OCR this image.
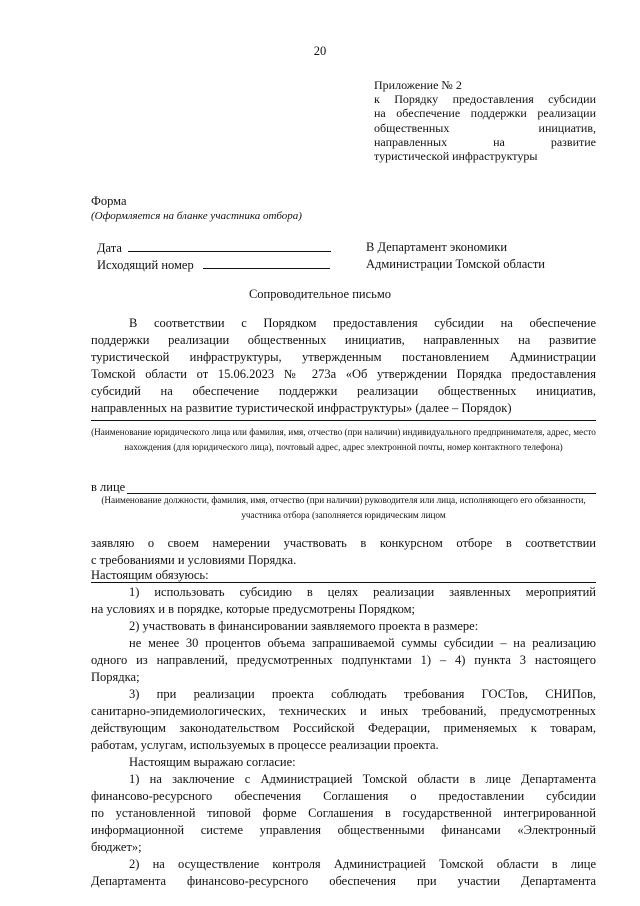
20
Приложение № 2
к Порядку предоставления субсидии
на обеспечение поддержки реализации
общественных инициатив,
направленных на развитие
туристической инфраструктуры
Форма
(Оформляется на бланке участника отбора)
Дата
Исходящий номер
В Департамент экономики
Администрации Томской области
Сопроводительное письмо
В соответствии с Порядком предоставления субсидии на обеспечение
поддержки реализации общественных инициатив, направленных на развитие
туристической инфраструктуры, утвержденным постановлением Администрации
Томской области от 15.06.2023 № 273а «Об утверждении Порядка предоставления
субсидий на обеспечение поддержки реализации общественных инициатив,
направленных на развитие туристической инфраструктуры» (далее – Порядок)
(Наименование юридического лица или фамилия, имя, отчество (при наличии) индивидуального предпринимателя, адрес, место нахождения (для юридического лица), почтовый адрес, адрес электронной почты, номер контактного телефона)
в лице
(Наименование должности, фамилия, имя, отчество (при наличии) руководителя или лица, исполняющего его обязанности, участника отбора (заполняется юридическим лицом
заявляю о своем намерении участвовать в конкурсном отборе в соответствии
с требованиями и условиями Порядка.
Настоящим обязуюсь:
1) использовать субсидию в целях реализации заявленных мероприятий
на условиях и в порядке, которые предусмотрены Порядком;
2) участвовать в финансировании заявляемого проекта в размере:
не менее 30 процентов объема запрашиваемой суммы субсидии – на реализацию
одного из направлений, предусмотренных подпунктами 1) – 4) пункта 3 настоящего
Порядка;
3) при реализации проекта соблюдать требования ГОСТов, СНИПов,
санитарно-эпидемиологических, технических и иных требований, предусмотренных
действующим законодательством Российской Федерации, применяемых к товарам,
работам, услугам, используемых в процессе реализации проекта.
Настоящим выражаю согласие:
1) на заключение с Администрацией Томской области в лице Департамента
финансово-ресурсного обеспечения Соглашения о предоставлении субсидии
по установленной типовой форме Соглашения в государственной интегрированной
информационной системе управления общественными финансами «Электронный
бюджет»;
2) на осуществление контроля Администрацией Томской области в лице
Департамента финансово-ресурсного обеспечения при участии Департамента
